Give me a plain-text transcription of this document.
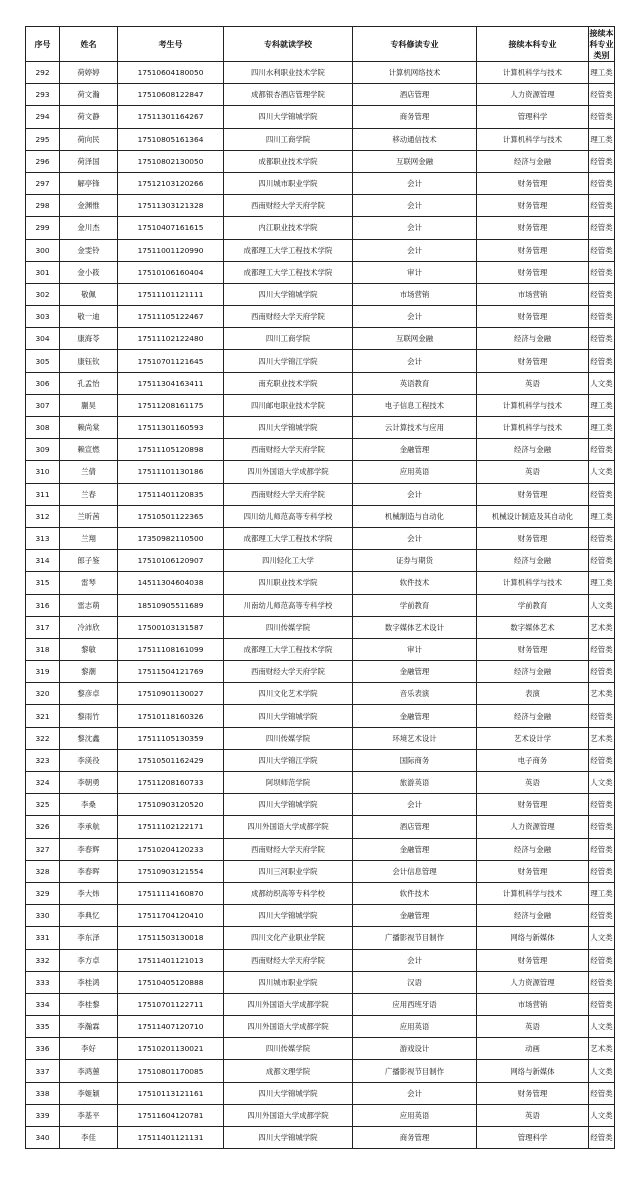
序号	姓名	考生号	专科就读学校	专科修读专业	接续本科专业	接续本科专业类别
292	荷婷婷	17510604180050	四川水利职业技术学院	计算机网络技术	计算机科学与技术	理工类
293	荷文瀚	17510608122847	成都银杏酒店管理学院	酒店管理	人力资源管理	经管类
294	荷文静	17511301164267	四川大学锦城学院	商务管理	管理科学	经管类
295	荷向民	17510805161364	四川工商学院	移动通信技术	计算机科学与技术	理工类
296	荷泽国	17510802130050	成都职业技术学院	互联网金融	经济与金融	经管类
297	解亭锋	17512103120266	四川城市职业学院	会计	财务管理	经管类
298	金渊惟	17511303121328	西南财经大学天府学院	会计	财务管理	经管类
299	金川杰	17510407161615	内江职业技术学院	会计	财务管理	经管类
300	金雯铃	17511001120990	成都理工大学工程技术学院	会计	财务管理	经管类
301	金小筱	17510106160404	成都理工大学工程技术学院	审计	财务管理	经管类
302	敬佩	17511101121111	四川大学锦城学院	市场营销	市场营销	经管类
303	敬一迪	17511105122467	西南财经大学天府学院	会计	财务管理	经管类
304	康海苓	17511102122480	四川工商学院	互联网金融	经济与金融	经管类
305	康钰钦	17510701121645	四川大学锦江学院	会计	财务管理	经管类
306	孔孟怡	17511304163411	南充职业技术学院	英语教育	英语	人文类
307	蒯昊	17511208161175	四川邮电职业技术学院	电子信息工程技术	计算机科学与技术	理工类
308	赖尚棠	17511301160593	四川大学锦城学院	云计算技术与应用	计算机科学与技术	理工类
309	赖宣燃	17511105120898	西南财经大学天府学院	金融管理	经济与金融	经管类
310	兰倩	17511101130186	四川外国语大学成都学院	应用英语	英语	人文类
311	兰春	17511401120835	西南财经大学天府学院	会计	财务管理	经管类
312	兰昕茜	17510501122365	四川幼儿师范高等专科学校	机械制造与自动化	机械设计制造及其自动化	理工类
313	兰翔	17350982110500	成都理工大学工程技术学院	会计	财务管理	经管类
314	郎子鉴	17510106120907	四川轻化工大学	证券与期货	经济与金融	经管类
315	雷琴	14511304604038	四川职业技术学院	软件技术	计算机科学与技术	理工类
316	雷志萌	18510905511689	川南幼儿师范高等专科学校	学前教育	学前教育	人文类
317	冷沛欣	17500103131587	四川传媒学院	数字媒体艺术设计	数字媒体艺术	艺术类
318	黎敏	17511108161099	成都理工大学工程技术学院	审计	财务管理	经管类
319	黎潮	17511504121769	西南财经大学天府学院	金融管理	经济与金融	经管类
320	黎彦卓	17510901130027	四川文化艺术学院	音乐表演	表演	艺术类
321	黎雨竹	17510118160326	四川大学锦城学院	金融管理	经济与金融	经管类
322	黎沈鑫	17511105130359	四川传媒学院	环境艺术设计	艺术设计学	艺术类
323	李渼役	17510501162429	四川大学锦江学院	国际商务	电子商务	经管类
324	李朝勇	17511208160733	阿坝师范学院	旅游英语	英语	人文类
325	李桑	17510903120520	四川大学锦城学院	会计	财务管理	经管类
326	李承航	17511102122171	四川外国语大学成都学院	酒店管理	人力资源管理	经管类
327	李春辉	17510204120233	西南财经大学天府学院	金融管理	经济与金融	经管类
328	李春晖	17510903121554	四川三河职业学院	会计信息管理	财务管理	经管类
329	李大炜	17511114160870	成都纺织高等专科学校	软件技术	计算机科学与技术	理工类
330	李典忆	17511704120410	四川大学锦城学院	金融管理	经济与金融	经管类
331	李东泽	17511503130018	四川文化产业职业学院	广播影视节目制作	网络与新媒体	人文类
332	李方卓	17511401121013	西南财经大学天府学院	会计	财务管理	经管类
333	李桂鸿	17510405120888	四川城市职业学院	汉语	人力资源管理	经管类
334	李桂黎	17510701122711	四川外国语大学成都学院	应用西班牙语	市场营销	经管类
335	李瀚霖	17511407120710	四川外国语大学成都学院	应用英语	英语	人文类
336	李好	17510201130021	四川传媒学院	游戏设计	动画	艺术类
337	李鸿蕙	17510801170085	成都文理学院	广播影视节目制作	网络与新媒体	人文类
338	李姬颖	17510113121161	四川大学锦城学院	会计	财务管理	经管类
339	李基平	17511604120781	四川外国语大学成都学院	应用英语	英语	人文类
340	李佳	17511401121131	四川大学锦城学院	商务管理	管理科学	经管类
